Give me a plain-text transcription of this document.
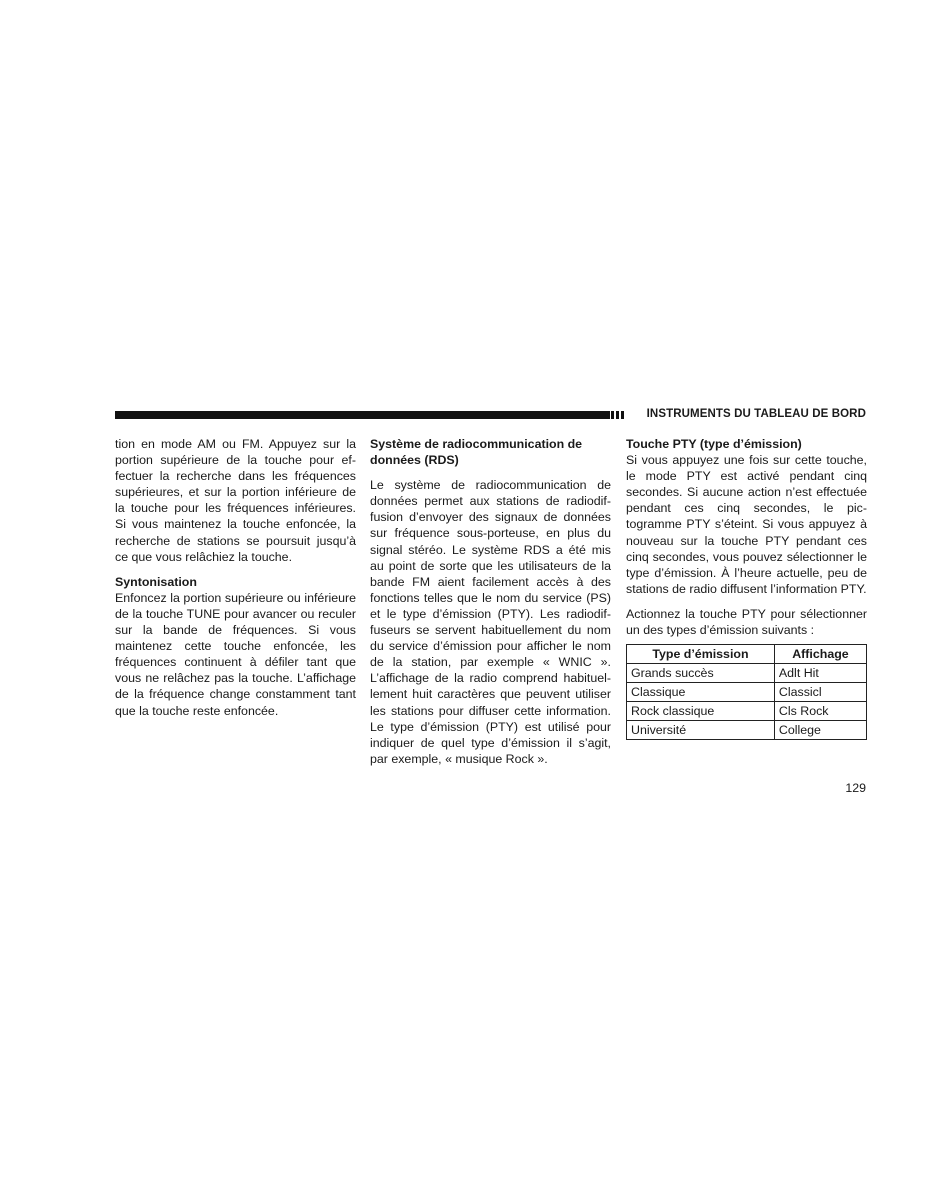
INSTRUMENTS DU TABLEAU DE BORD

tion en mode AM ou FM. Appuyez sur la portion supérieure de la touche pour effectuer la recherche dans les fréquences supérieures, et sur la portion inférieure de la touche pour les fréquences inférieures. Si vous maintenez la touche enfoncée, la recherche de stations se poursuit jusqu’à ce que vous relâchiez la touche.

Syntonisation

Enfoncez la portion supérieure ou inférieure de la touche TUNE pour avancer ou reculer sur la bande de fréquences. Si vous maintenez cette touche enfoncée, les fréquences continuent à défiler tant que vous ne relâchez pas la touche. L’affichage de la fréquence change constamment tant que la touche reste enfoncée.

Système de radiocommunication de données (RDS)

Le système de radiocommunication de données permet aux stations de radiodiffusion d’envoyer des signaux de données sur fréquence sous-porteuse, en plus du signal stéréo. Le système RDS a été mis au point de sorte que les utilisateurs de la bande FM aient facilement accès à des fonctions telles que le nom du service (PS) et le type d’émission (PTY). Les radiodiffuseurs se servent habituellement du nom du service d’émission pour afficher le nom de la station, par exemple « WNIC ». L’affichage de la radio comprend habituellement huit caractères que peuvent utiliser les stations pour diffuser cette information. Le type d’émission (PTY) est utilisé pour indiquer de quel type d’émission il s’agit, par exemple, « musique Rock ».

Touche PTY (type d’émission)

Si vous appuyez une fois sur cette touche, le mode PTY est activé pendant cinq secondes. Si aucune action n’est effectuée pendant ces cinq secondes, le pictogramme PTY s’éteint. Si vous appuyez à nouveau sur la touche PTY pendant ces cinq secondes, vous pouvez sélectionner le type d’émission. À l’heure actuelle, peu de stations de radio diffusent l’information PTY.

Actionnez la touche PTY pour sélectionner un des types d’émission suivants :

Type d’émission	Affichage
Grands succès	Adlt Hit
Classique	Classicl
Rock classique	Cls Rock
Université	College
129
